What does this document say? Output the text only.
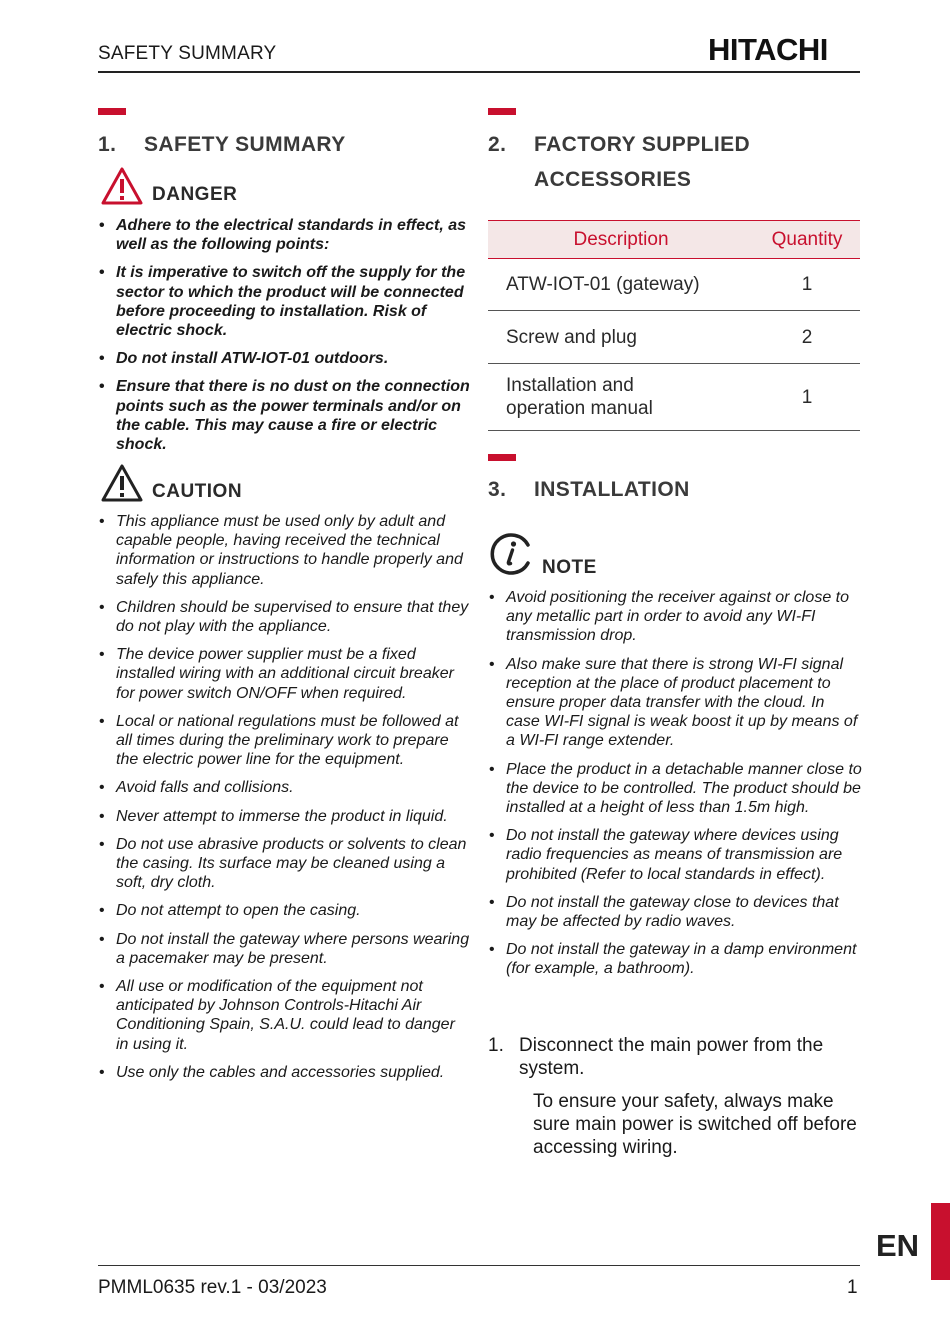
SAFETY SUMMARY	HITACHI
1. SAFETY SUMMARY
DANGER
• Adhere to the electrical standards in effect, as well as the following points:
• It is imperative to switch off the supply for the sector to which the product will be connected before proceeding to installation. Risk of electric shock.
• Do not install ATW-IOT-01 outdoors.
• Ensure that there is no dust on the connection points such as the power terminals and/or on the cable. This may cause a fire or electric shock.
CAUTION
• This appliance must be used only by adult and capable people, having received the technical information or instructions to handle properly and safely this appliance.
• Children should be supervised to ensure that they do not play with the appliance.
• The device power supplier must be a fixed installed wiring with an additional circuit breaker for power switch ON/OFF when required.
• Local or national regulations must be followed at all times during the preliminary work to prepare the electric power line for the equipment.
• Avoid falls and collisions.
• Never attempt to immerse the product in liquid.
• Do not use abrasive products or solvents to clean the casing. Its surface may be cleaned using a soft, dry cloth.
• Do not attempt to open the casing.
• Do not install the gateway where persons wearing a pacemaker may be present.
• All use or modification of the equipment not anticipated by Johnson Controls-Hitachi Air Conditioning Spain, S.A.U. could lead to danger in using it.
• Use only the cables and accessories supplied.
2. FACTORY SUPPLIED
ACCESSORIES
Description	Quantity
ATW-IOT-01 (gateway)	1
Screw and plug	2

Installation and
operation manual	1
3. INSTALLATION
NOTE
• Avoid positioning the receiver against or close to any metallic part in order to avoid any WI-FI transmission drop.
• Also make sure that there is strong WI-FI signal reception at the place of product placement to ensure proper data transfer with the cloud. In case WI-FI signal is weak boost it up by means of a WI-FI range extender.
• Place the product in a detachable manner close to the device to be controlled. The product should be installed at a height of less than 1.5m high.
• Do not install the gateway where devices using radio frequencies as means of transmission are prohibited (Refer to local standards in effect).
• Do not install the gateway close to devices that may be affected by radio waves.
• Do not install the gateway in a damp environment (for example, a bathroom).
1. Disconnect the main power from the system.
To ensure your safety, always make sure main power is switched off before accessing wiring.
PMML0635 rev.1 - 03/2023	1
EN
